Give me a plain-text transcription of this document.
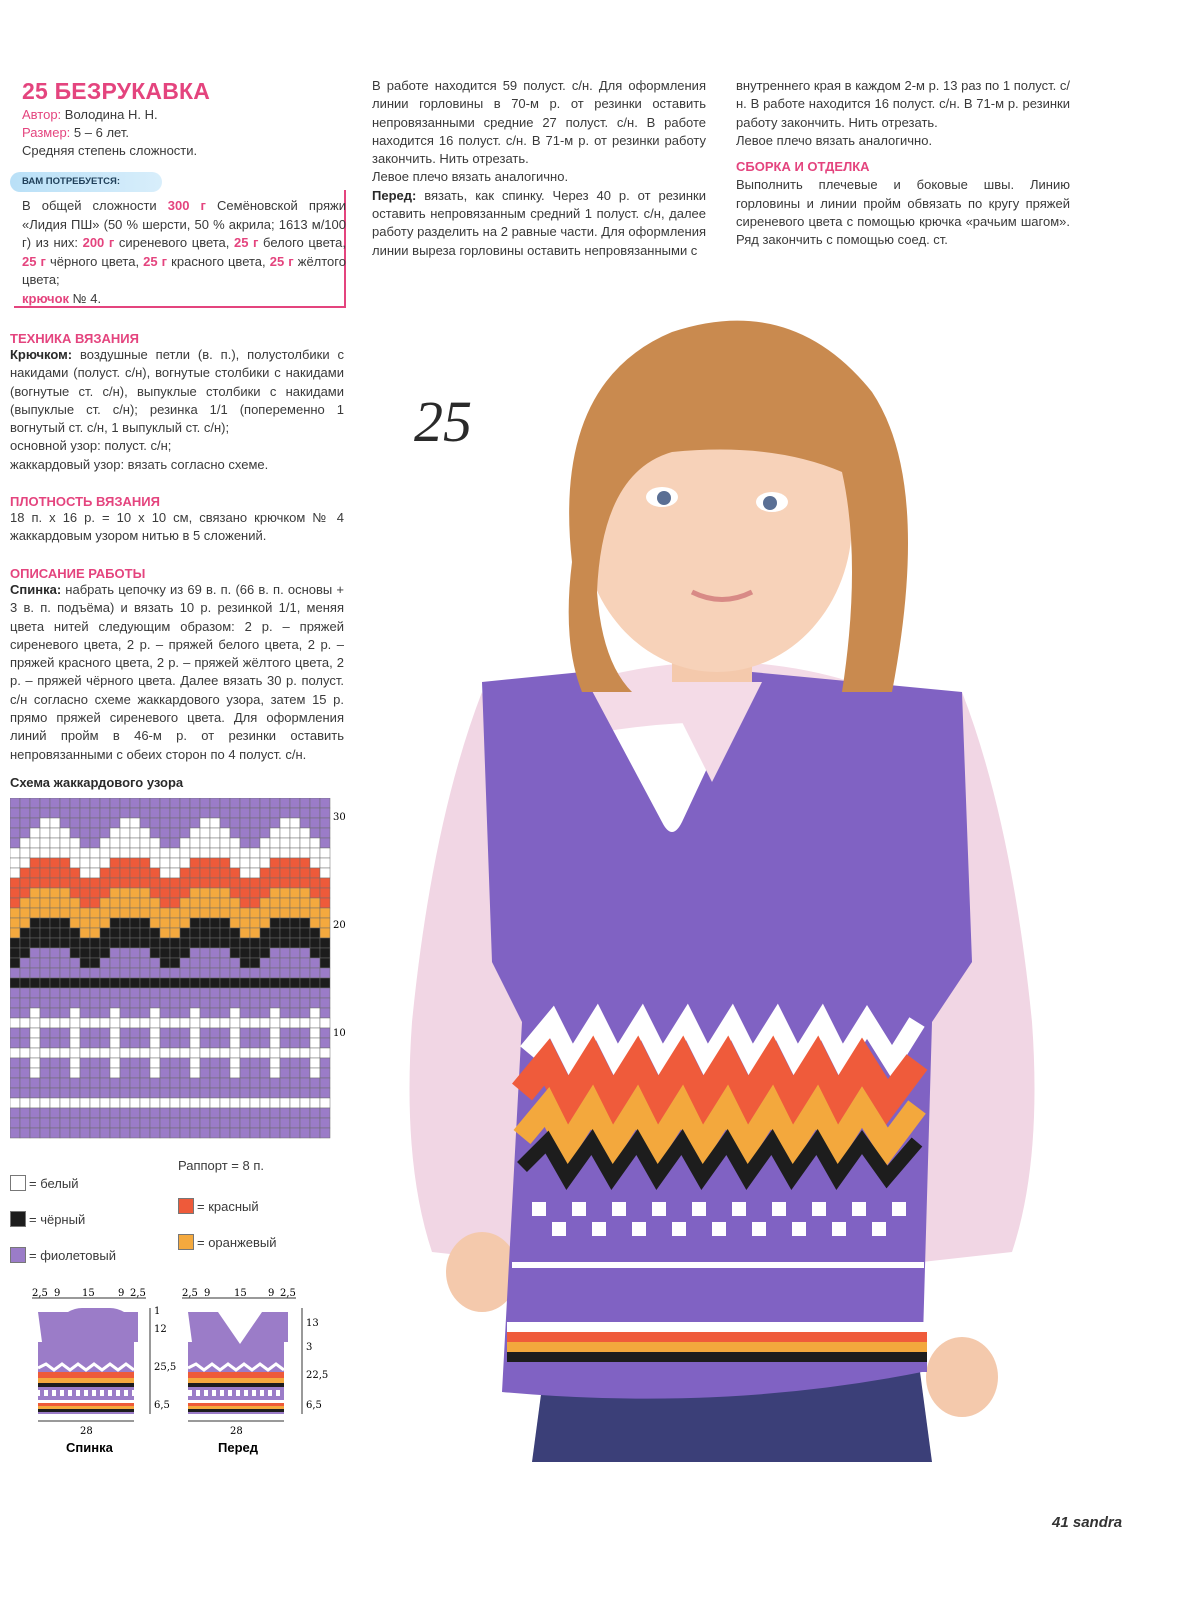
25 БЕЗРУКАВКА
Автор: Володина Н. Н.
Размер: 5 – 6 лет.
Средняя степень сложности.
ВАМ ПОТРЕБУЕТСЯ:
В общей сложности 300 г Семёновской пряжи «Лидия ПШ» (50 % шерсти, 50 % акрила; 1613 м/100 г) из них: 200 г сиреневого цвета, 25 г белого цвета, 25 г чёрного цвета, 25 г красного цвета, 25 г жёлтого цвета;
крючок № 4.
ТЕХНИКА ВЯЗАНИЯ
Крючком: воздушные петли (в. п.), полустолбики с накидами (полуст. с/н), вогнутые столбики с накидами (вогнутые ст. с/н), выпуклые столбики с накидами (выпуклые ст. с/н); резинка 1/1 (попеременно 1 вогнутый ст. с/н, 1 выпуклый ст. с/н);
основной узор: полуст. с/н;
жаккардовый узор: вязать согласно схеме.
ПЛОТНОСТЬ ВЯЗАНИЯ
18 п. х 16 р. = 10 х 10 см, связано крючком № 4 жаккардовым узором нитью в 5 сложений.
ОПИСАНИЕ РАБОТЫ
Спинка: набрать цепочку из 69 в. п. (66 в. п. основы + 3 в. п. подъёма) и вязать 10 р. резинкой 1/1, меняя цвета нитей следующим образом: 2 р. – пряжей сиреневого цвета, 2 р. – пряжей белого цвета, 2 р. – пряжей красного цвета, 2 р. – пряжей жёлтого цвета, 2 р. – пряжей чёрного цвета. Далее вязать 30 р. полуст. с/н согласно схеме жаккардового узора, затем 15 р. прямо пряжей сиреневого цвета. Для оформления линий пройм в 46-м р. от резинки оставить непровязанными с обеих сторон по 4 полуст. с/н.
Схема жаккардового узора
30
20
10
Раппорт = 8 п.
= белый
= чёрный
= фиолетовый
= красный
= оранжевый
2,5 9 15 9 2,5
1
12
25,5
6,5
28
Спинка
2,5 9 15 9 2,5
13
3
22,5
6,5
28
Перед
В работе находится 59 полуст. с/н. Для оформления линии горловины в 70-м р. от резинки оставить непровязанными средние 27 полуст. с/н. В работе находится 16 полуст. с/н. В 71-м р. от резинки работу закончить. Нить отрезать.
Левое плечо вязать аналогично.
Перед: вязать, как спинку. Через 40 р. от резинки оставить непровязанным средний 1 полуст. с/н, далее работу разделить на 2 равные части. Для оформления линии выреза горловины оставить непровязанными с
внутреннего края в каждом 2-м р. 13 раз по 1 полуст. с/н. В работе находится 16 полуст. с/н. В 71-м р. резинки работу закончить. Нить отрезать.
Левое плечо вязать аналогично.
СБОРКА И ОТДЕЛКА
Выполнить плечевые и боковые швы. Линию горловины и линии пройм обвязать по кругу пряжей сиреневого цвета с помощью крючка «рачьим шагом». Ряд закончить с помощью соед. ст.
25
41 sandra
